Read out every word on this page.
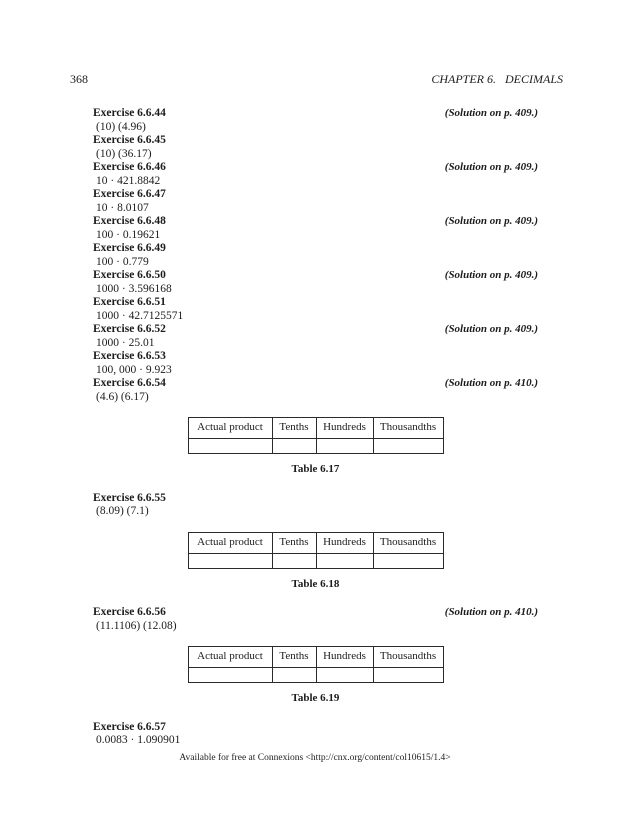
368	CHAPTER 6.   DECIMALS
Exercise 6.6.44	(Solution on p. 409.)
(10) (4.96)
Exercise 6.6.45
(10) (36.17)
Exercise 6.6.46	(Solution on p. 409.)
10 · 421.8842
Exercise 6.6.47
10 · 8.0107
Exercise 6.6.48	(Solution on p. 409.)
100 · 0.19621
Exercise 6.6.49
100 · 0.779
Exercise 6.6.50	(Solution on p. 409.)
1000 · 3.596168
Exercise 6.6.51
1000 · 42.7125571
Exercise 6.6.52	(Solution on p. 409.)
1000 · 25.01
Exercise 6.6.53
100, 000 · 9.923
Exercise 6.6.54	(Solution on p. 410.)
(4.6) (6.17)
Actual product	Tenths	Hundreds	Thousandths

Table 6.17
Exercise 6.6.55
(8.09) (7.1)
Actual product	Tenths	Hundreds	Thousandths

Table 6.18
Exercise 6.6.56	(Solution on p. 410.)
(11.1106) (12.08)
Actual product	Tenths	Hundreds	Thousandths

Table 6.19
Exercise 6.6.57
0.0083 · 1.090901
Available for free at Connexions <http://cnx.org/content/col10615/1.4>
